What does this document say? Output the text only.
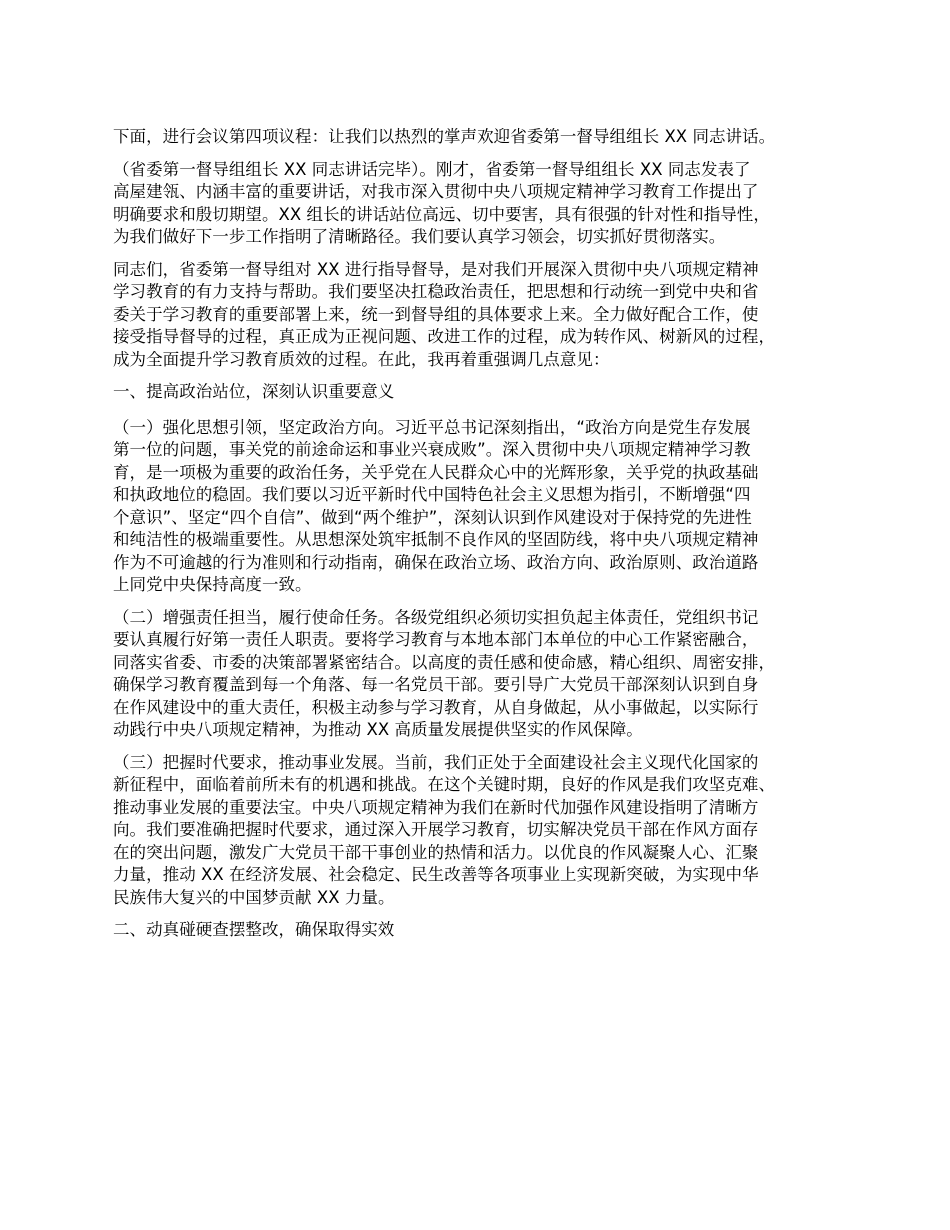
下面，进行会议第四项议程：让我们以热烈的掌声欢迎省委第一督导组组长 XX 同志讲话。

（省委第一督导组组长 XX 同志讲话完毕）。刚才，省委第一督导组组长 XX 同志发表了
高屋建瓴、内涵丰富的重要讲话，对我市深入贯彻中央八项规定精神学习教育工作提出了
明确要求和殷切期望。XX 组长的讲话站位高远、切中要害，具有很强的针对性和指导性，
为我们做好下一步工作指明了清晰路径。我们要认真学习领会，切实抓好贯彻落实。

同志们，省委第一督导组对 XX 进行指导督导，是对我们开展深入贯彻中央八项规定精神
学习教育的有力支持与帮助。我们要坚决扛稳政治责任，把思想和行动统一到党中央和省
委关于学习教育的重要部署上来，统一到督导组的具体要求上来。全力做好配合工作，使
接受指导督导的过程，真正成为正视问题、改进工作的过程，成为转作风、树新风的过程，
成为全面提升学习教育质效的过程。在此，我再着重强调几点意见：

一、提高政治站位，深刻认识重要意义

（一）强化思想引领，坚定政治方向。习近平总书记深刻指出，“政治方向是党生存发展
第一位的问题，事关党的前途命运和事业兴衰成败”。深入贯彻中央八项规定精神学习教
育，是一项极为重要的政治任务，关乎党在人民群众心中的光辉形象，关乎党的执政基础
和执政地位的稳固。我们要以习近平新时代中国特色社会主义思想为指引，不断增强“四
个意识”、坚定“四个自信”、做到“两个维护”，深刻认识到作风建设对于保持党的先进性
和纯洁性的极端重要性。从思想深处筑牢抵制不良作风的坚固防线，将中央八项规定精神
作为不可逾越的行为准则和行动指南，确保在政治立场、政治方向、政治原则、政治道路
上同党中央保持高度一致。

（二）增强责任担当，履行使命任务。各级党组织必须切实担负起主体责任，党组织书记
要认真履行好第一责任人职责。要将学习教育与本地本部门本单位的中心工作紧密融合，
同落实省委、市委的决策部署紧密结合。以高度的责任感和使命感，精心组织、周密安排，
确保学习教育覆盖到每一个角落、每一名党员干部。要引导广大党员干部深刻认识到自身
在作风建设中的重大责任，积极主动参与学习教育，从自身做起，从小事做起，以实际行
动践行中央八项规定精神，为推动 XX 高质量发展提供坚实的作风保障。

（三）把握时代要求，推动事业发展。当前，我们正处于全面建设社会主义现代化国家的
新征程中，面临着前所未有的机遇和挑战。在这个关键时期，良好的作风是我们攻坚克难、
推动事业发展的重要法宝。中央八项规定精神为我们在新时代加强作风建设指明了清晰方
向。我们要准确把握时代要求，通过深入开展学习教育，切实解决党员干部在作风方面存
在的突出问题，激发广大党员干部干事创业的热情和活力。以优良的作风凝聚人心、汇聚
力量，推动 XX 在经济发展、社会稳定、民生改善等各项事业上实现新突破，为实现中华
民族伟大复兴的中国梦贡献 XX 力量。

二、动真碰硬查摆整改，确保取得实效
